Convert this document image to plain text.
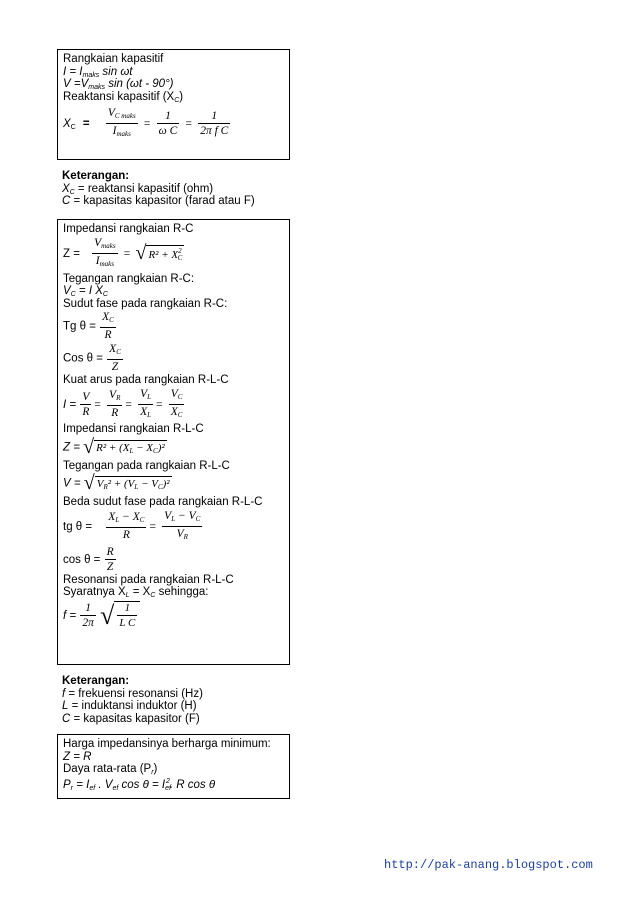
Rangkaian kapasitif
$I = I_{maks}$ sin ωt
$V =V_{maks}$ sin (ωt - 90°)
Reaktansi kapasitif $(X_C)$
$X_C = \frac{V_{C maks}}{I_{maks}} = \frac{1}{\text{ω C}} = \frac{1}{\text{2π f C}}$
Keterangan:
$X_C$ = reaktansi kapasitif (ohm)
C = kapasitas kapasitor (farad atau F)
Impedansi rangkaian R-C
$Z = \frac{V_{maks}}{I_{maks}}$ = √ $R^2 + X^2_C$
Tegangan rangkaian R-C:
$V_C = I$ $X_C$
Sudut fase pada rangkaian R-C:
Tg $\theta = \frac{X_C}{R}$
Cos $\theta = \frac{X_C}{Z}$
Kuat arus pada rangkaian R-L-C
$I = \frac{V}{R} = \frac{V_R}{R} = \frac{V_L}{X_L} = \frac{V_C}{X_C}$
Impedansi rangkaian R-L-C
Z = √ $R^2 + (X_L - X_C)^2$
Tegangan pada rangkaian R-L-C
V = √ $V_R^2 + (V_L - V_C)^2$
Beda sudut fase pada rangkaian R-L-C
tg $\theta = \frac{X_L - X_C}{R} = \frac{V_L - V_C}{V_R}$
$\cos \theta = \frac{R}{Z}$
Resonansi pada rangkaian R-L-C
Syaratnya $X_L = X_C$ sehingga:
$f = \frac{1}{2\pi}$ √ $\frac{1}{\text{L C}}$
Keterangan:
f = frekuensi resonansi (Hz)
L = induktansi induktor (H)
C = kapasitas kapasitor (F)
Harga impedansinya berharga minimum:
Z = R
Daya rata-rata $(P_r)$
$P_r = I_{ef}$ . $V_{ef}$ $\cos \theta = I_{ef}^2$. R cos θ
http://pak-anang.blogspot.com
